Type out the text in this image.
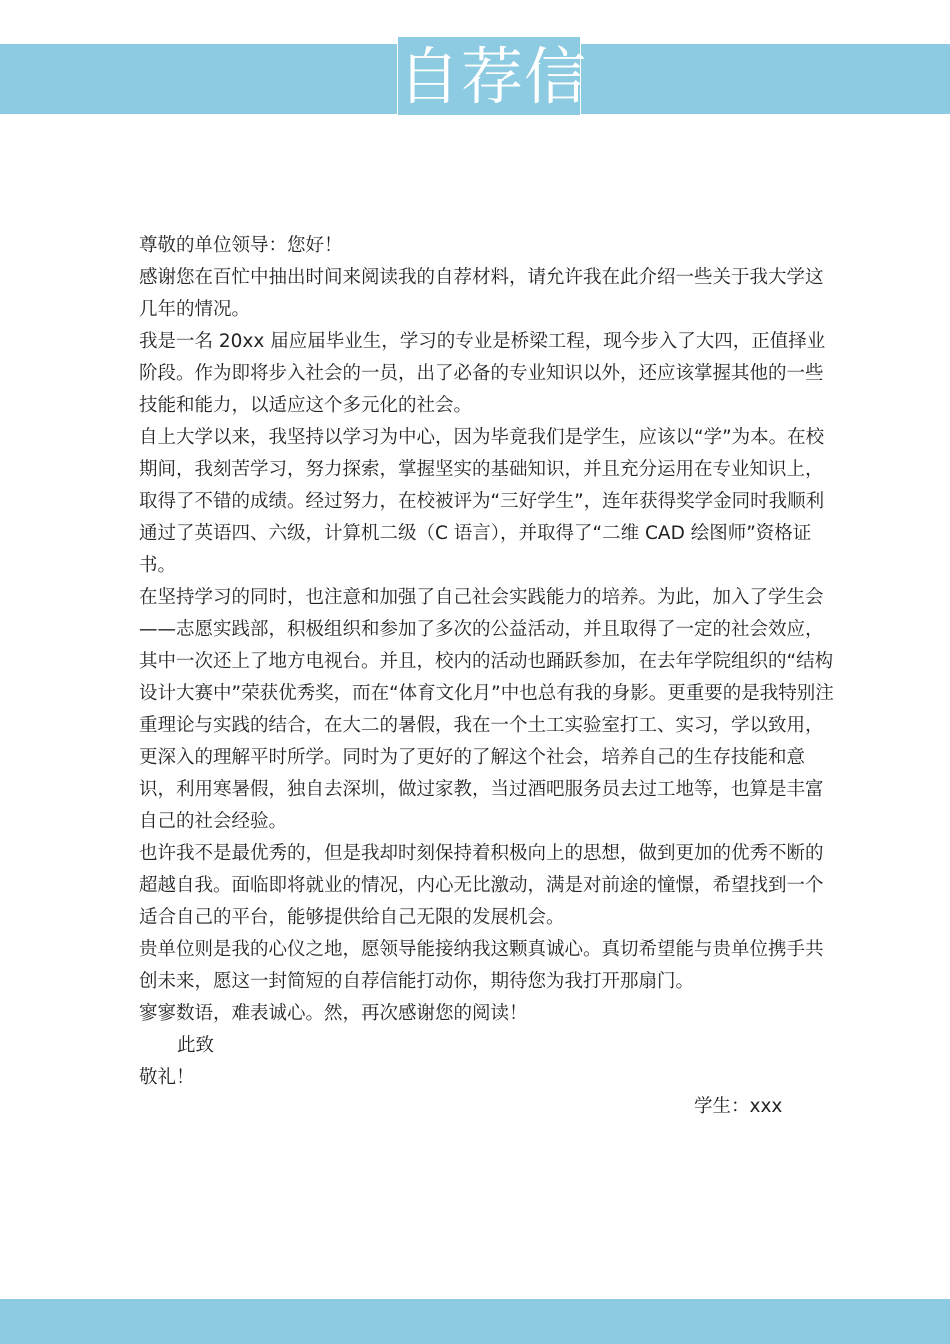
自荐信

尊敬的单位领导：您好！

感谢您在百忙中抽出时间来阅读我的自荐材料，请允许我在此介绍一些关于我大学这几年的情况。

我是一名 20xx 届应届毕业生，学习的专业是桥梁工程，现今步入了大四，正值择业阶段。作为即将步入社会的一员，出了必备的专业知识以外，还应该掌握其他的一些技能和能力，以适应这个多元化的社会。

自上大学以来，我坚持以学习为中心，因为毕竟我们是学生，应该以“学”为本。在校期间，我刻苦学习，努力探索，掌握坚实的基础知识，并且充分运用在专业知识上，取得了不错的成绩。经过努力，在校被评为“三好学生”，连年获得奖学金同时我顺利通过了英语四、六级，计算机二级（C 语言），并取得了“二维 CAD 绘图师”资格证书。

在坚持学习的同时，也注意和加强了自己社会实践能力的培养。为此，加入了学生会——志愿实践部，积极组织和参加了多次的公益活动，并且取得了一定的社会效应，其中一次还上了地方电视台。并且，校内的活动也踊跃参加，在去年学院组织的“结构设计大赛中”荣获优秀奖，而在“体育文化月”中也总有我的身影。更重要的是我特别注重理论与实践的结合，在大二的暑假，我在一个土工实验室打工、实习，学以致用，更深入的理解平时所学。同时为了更好的了解这个社会，培养自己的生存技能和意识，利用寒暑假，独自去深圳，做过家教，当过酒吧服务员去过工地等，也算是丰富自己的社会经验。

也许我不是最优秀的，但是我却时刻保持着积极向上的思想，做到更加的优秀不断的超越自我。面临即将就业的情况，内心无比激动，满是对前途的憧憬，希望找到一个适合自己的平台，能够提供给自己无限的发展机会。

贵单位则是我的心仪之地，愿领导能接纳我这颗真诚心。真切希望能与贵单位携手共创未来，愿这一封简短的自荐信能打动你，期待您为我打开那扇门。

寥寥数语，难表诚心。然，再次感谢您的阅读！

此致

敬礼！

学生：xxx
